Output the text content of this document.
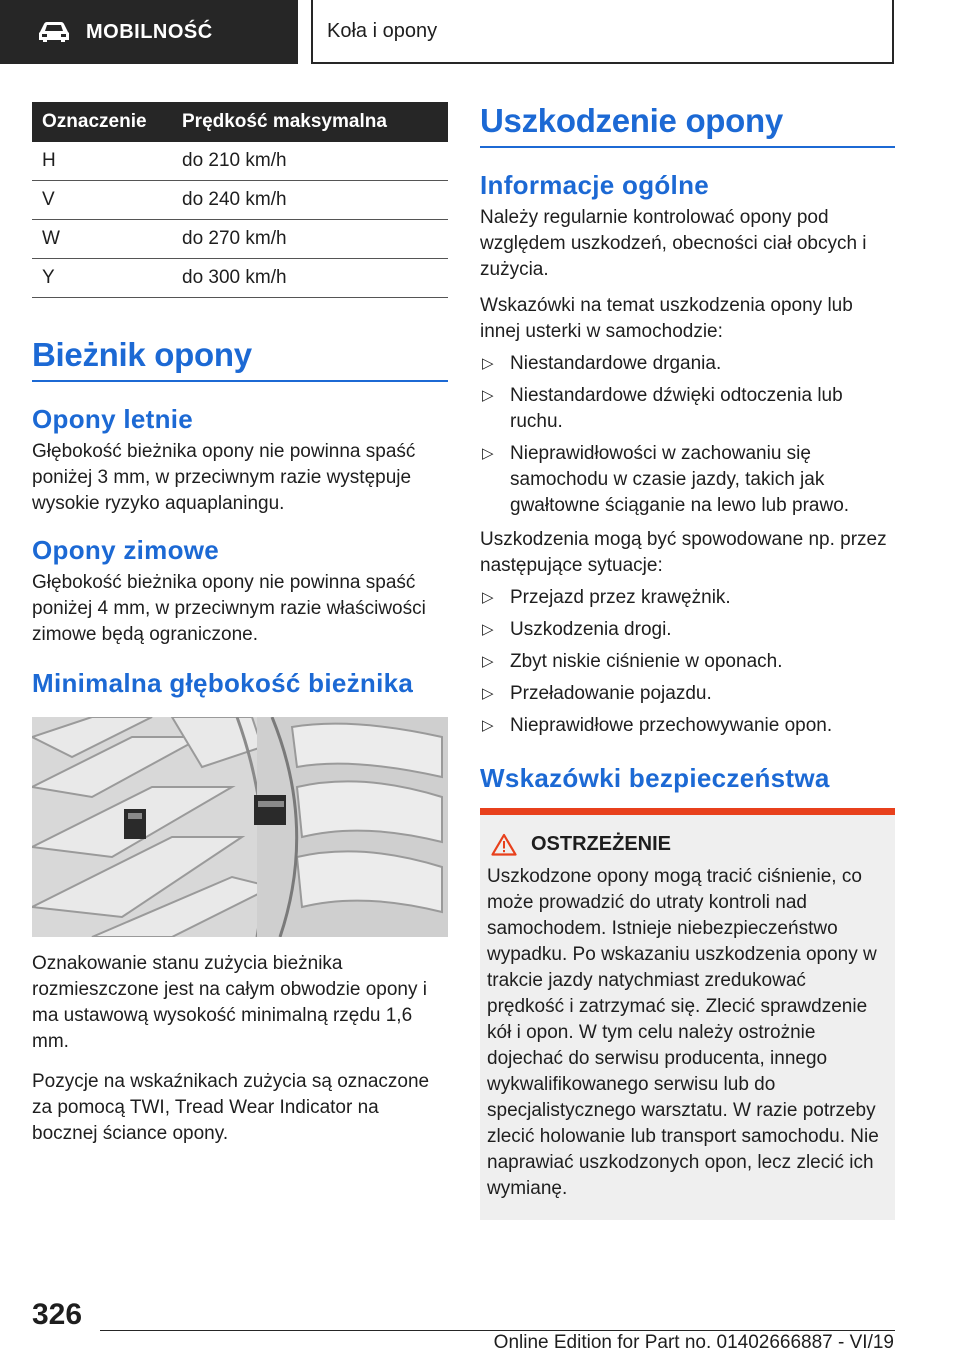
MOBILNOŚĆ	Koła i opony
Oznaczenie	Prędkość maksymalna
H	do 210 km/h
V	do 240 km/h
W	do 270 km/h
Y	do 300 km/h
Bieżnik opony
Opony letnie

Głębokość bieżnika opony nie powinna spaść poniżej 3 mm, w przeciwnym razie występuje wysokie ryzyko aquaplaningu.

Opony zimowe

Głębokość bieżnika opony nie powinna spaść poniżej 4 mm, w przeciwnym razie właściwości zimowe będą ograniczone.

Minimalna głębokość bieżnika

Oznakowanie stanu zużycia bieżnika rozmieszczone jest na całym obwodzie opony i ma ustawową wysokość minimalną rzędu 1,6 mm.

Pozycje na wskaźnikach zużycia są oznaczone za pomocą TWI, Tread Wear Indicator na bocznej ściance opony.

Uszkodzenie opony
Informacje ogólne

Należy regularnie kontrolować opony pod względem uszkodzeń, obecności ciał obcych i zużycia.

Wskazówki na temat uszkodzenia opony lub innej usterki w samochodzie:

▷ Niestandardowe drgania.
▷ Niestandardowe dźwięki odtoczenia lub ruchu.
▷ Nieprawidłowości w zachowaniu się samochodu w czasie jazdy, takich jak gwałtowne ściąganie na lewo lub prawo.

Uszkodzenia mogą być spowodowane np. przez następujące sytuacje:

▷ Przejazd przez krawężnik.
▷ Uszkodzenia drogi.
▷ Zbyt niskie ciśnienie w oponach.
▷ Przeładowanie pojazdu.
▷ Nieprawidłowe przechowywanie opon.
Wskazówki bezpieczeństwa
OSTRZEŻENIE

Uszkodzone opony mogą tracić ciśnienie, co może prowadzić do utraty kontroli nad samochodem. Istnieje niebezpieczeństwo wypadku. Po wskazaniu uszkodzenia opony w trakcie jazdy natychmiast zredukować prędkość i zatrzymać się. Zlecić sprawdzenie kół i opon. W tym celu należy ostrożnie dojechać do serwisu producenta, innego wykwalifikowanego serwisu lub do specjalistycznego warsztatu. W razie potrzeby zlecić holowanie lub transport samochodu. Nie naprawiać uszkodzonych opon, lecz zlecić ich wymianę.

326
Online Edition for Part no. 01402666887 - VI/19
